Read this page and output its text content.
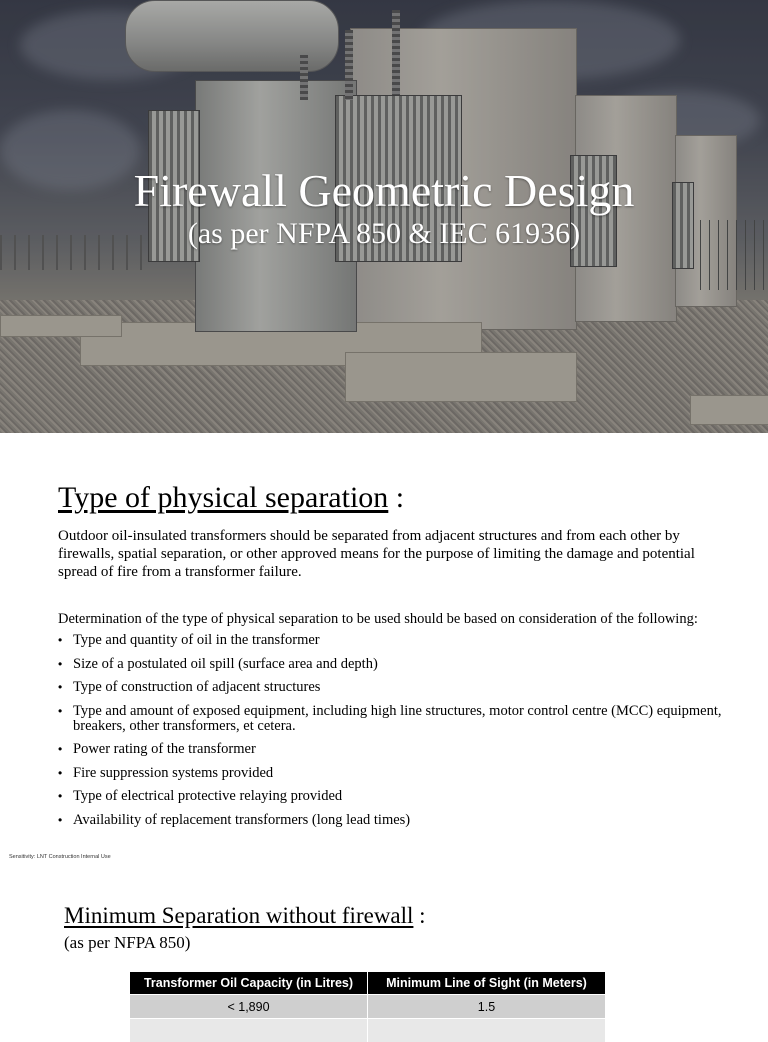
Firewall Geometric Design
(as per NFPA 850 & IEC 61936)
Type of physical separation :

Outdoor oil-insulated transformers should be separated from adjacent structures and from each other by firewalls, spatial separation, or other approved means for the purpose of limiting the damage and potential spread of fire from a transformer failure.

Determination of the type of physical separation to be used should be based on consideration of the following:

• Type and quantity of oil in the transformer
• Size of a postulated oil spill (surface area and depth)
• Type of construction of adjacent structures
• Type and amount of exposed equipment, including high line structures, motor control centre (MCC) equipment, breakers, other transformers, et cetera.
• Power rating of the transformer
• Fire suppression systems provided
• Type of electrical protective relaying provided
• Availability of replacement transformers (long lead times)
Sensitivity: LNT Construction Internal Use
Minimum Separation without firewall :
(as per NFPA 850)
Transformer Oil Capacity (in Litres)	Minimum Line of Sight (in Meters)
< 1,890	1.5
